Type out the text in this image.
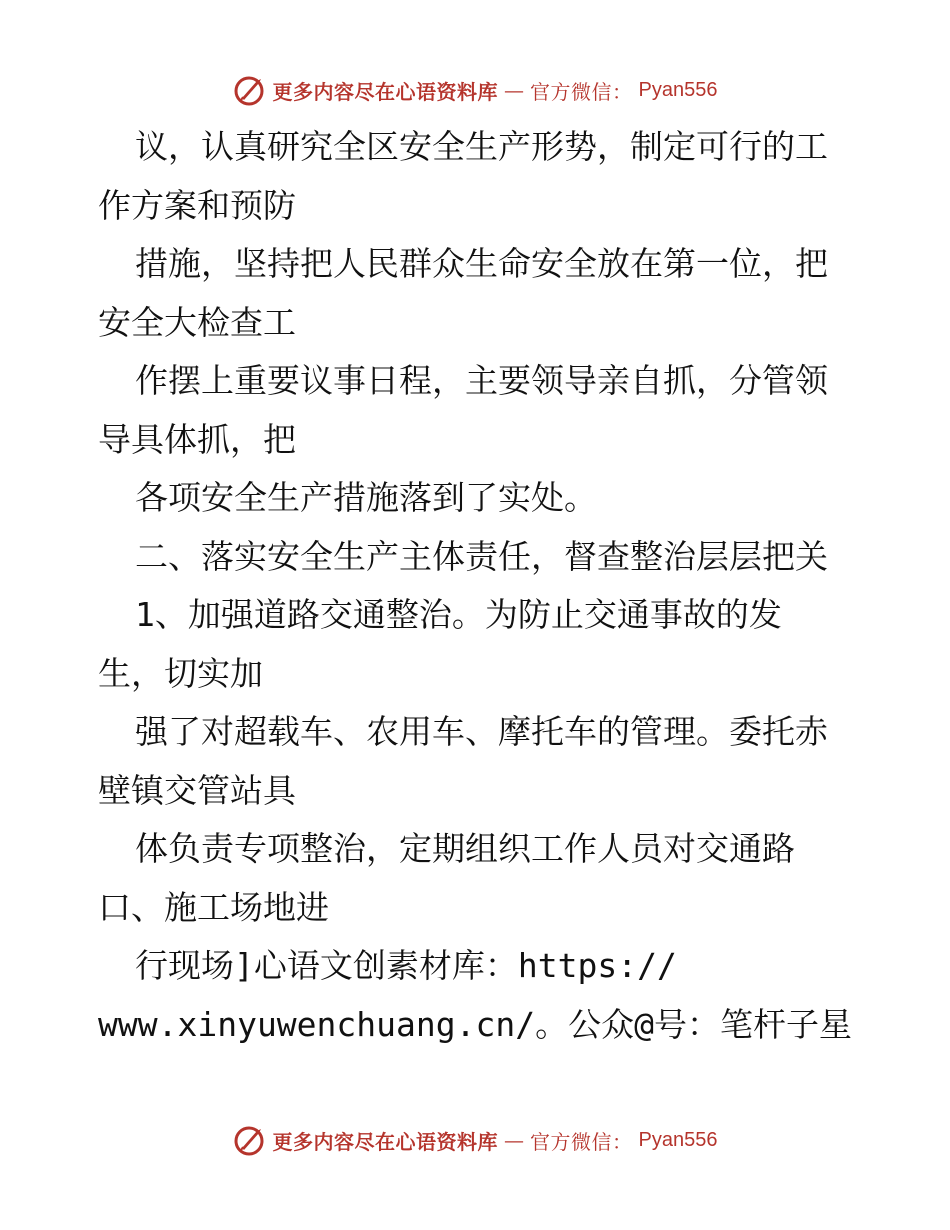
更多内容尽在心语资料库 — 官方微信： Pyan556
议，认真研究全区安全生产形势，制定可行的工
作方案和预防
措施，坚持把人民群众生命安全放在第一位，把
安全大检查工
作摆上重要议事日程，主要领导亲自抓，分管领
导具体抓，把
各项安全生产措施落到了实处。
二、落实安全生产主体责任，督查整治层层把关
1、加强道路交通整治。为防止交通事故的发
生，切实加
强了对超载车、农用车、摩托车的管理。委托赤
壁镇交管站具
体负责专项整治，定期组织工作人员对交通路
口、施工场地进
行现场]心语文创素材库：https://
www.xinyuwenchuang.cn/。公众@号：笔杆子星
更多内容尽在心语资料库 — 官方微信： Pyan556
